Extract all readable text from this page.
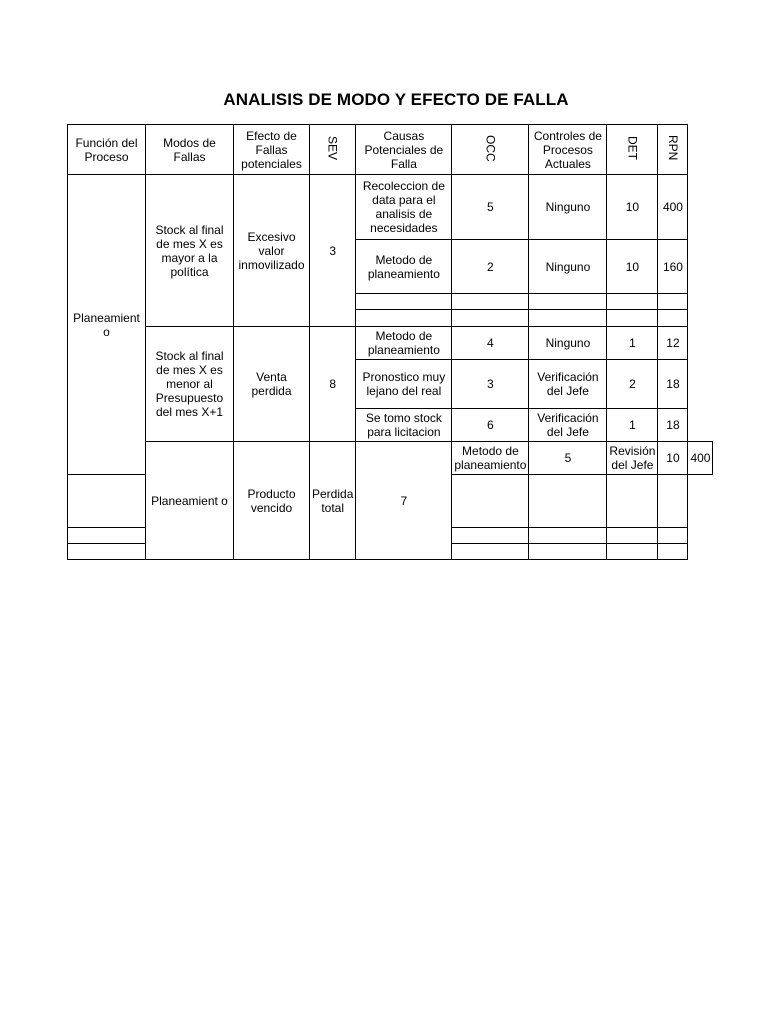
ANALISIS DE MODO Y EFECTO DE FALLA
Función del Proceso	Modos de Fallas	Efecto de Fallas potenciales	SEV	Causas Potenciales de Falla	OCC	Controles de Procesos Actuales	DET	RPN	
Planeamient o	Stock al final de mes X es mayor a la política	Excesivo valor inmovilizado	3	Recoleccion de data para el analisis de necesidades	5	Ninguno	10	400	
				Metodo de planeamiento	2	Ninguno	10	160	

	Stock al final de mes X es menor al Presupuesto del mes X+1	Venta perdida	8	Metodo de planeamiento	4	Ninguno	1	12	
				Pronostico muy lejano del real	3	Verificación del Jefe	2	18	
				Se tomo stock para licitacion	6	Verificación del Jefe	1	18	
	Planeamient o	Producto vencido	Perdida total	7	Metodo de planeamiento	5	Revisión del Jefe	10	400
